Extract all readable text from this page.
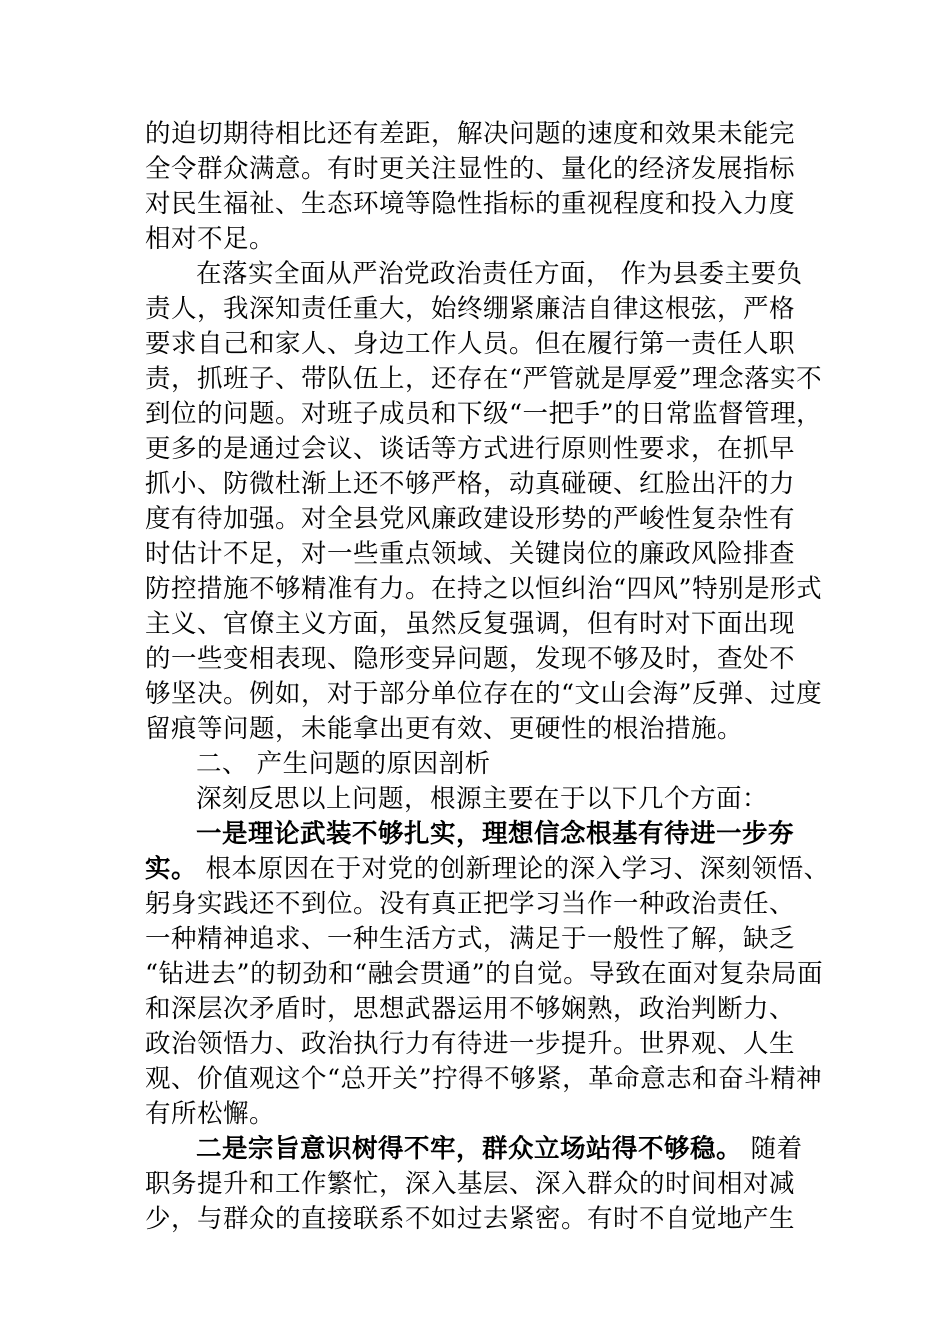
的迫切期待相比还有差距，解决问题的速度和效果未能完
全令群众满意。有时更关注显性的、量化的经济发展指标
对民生福祉、生态环境等隐性指标的重视程度和投入力度
相对不足。
在落实全面从严治党政治责任方面， 作为县委主要负
责人，我深知责任重大，始终绷紧廉洁自律这根弦，严格
要求自己和家人、身边工作人员。但在履行第一责任人职
责，抓班子、带队伍上，还存在“严管就是厚爱”理念落实不
到位的问题。对班子成员和下级“一把手”的日常监督管理，
更多的是通过会议、谈话等方式进行原则性要求，在抓早
抓小、防微杜渐上还不够严格，动真碰硬、红脸出汗的力
度有待加强。对全县党风廉政建设形势的严峻性复杂性有
时估计不足，对一些重点领域、关键岗位的廉政风险排查
防控措施不够精准有力。在持之以恒纠治“四风”特别是形式
主义、官僚主义方面，虽然反复强调，但有时对下面出现
的一些变相表现、隐形变异问题，发现不够及时，查处不
够坚决。例如，对于部分单位存在的“文山会海”反弹、过度
留痕等问题，未能拿出更有效、更硬性的根治措施。
二、 产生问题的原因剖析
深刻反思以上问题，根源主要在于以下几个方面：
一是理论武装不够扎实，理想信念根基有待进一步夯
实。 根本原因在于对党的创新理论的深入学习、深刻领悟、
躬身实践还不到位。没有真正把学习当作一种政治责任、
一种精神追求、一种生活方式，满足于一般性了解，缺乏
“钻进去”的韧劲和“融会贯通”的自觉。导致在面对复杂局面
和深层次矛盾时，思想武器运用不够娴熟，政治判断力、
政治领悟力、政治执行力有待进一步提升。世界观、人生
观、价值观这个“总开关”拧得不够紧，革命意志和奋斗精神
有所松懈。
二是宗旨意识树得不牢，群众立场站得不够稳。 随着
职务提升和工作繁忙，深入基层、深入群众的时间相对减
少，与群众的直接联系不如过去紧密。有时不自觉地产生
